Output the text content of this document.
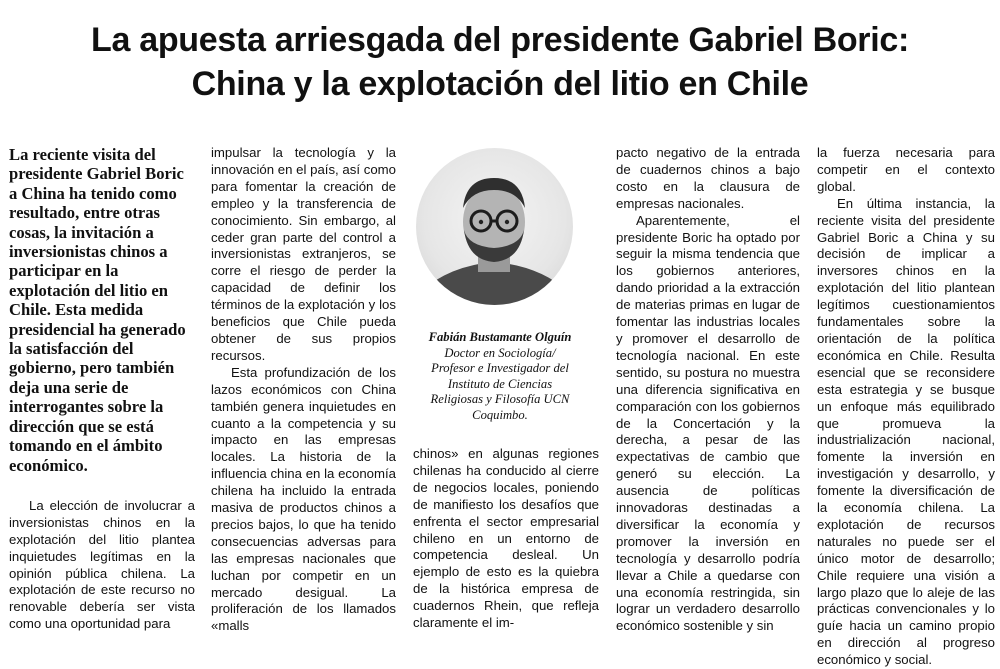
La apuesta arriesgada del presidente Gabriel Boric:
China y la explotación del litio en Chile

La reciente visita del presidente Gabriel Boric a China ha tenido como resultado, entre otras cosas, la invitación a inversionistas chinos a participar en la explotación del litio en Chile. Esta medida presidencial ha generado la satisfacción del gobierno, pero también deja una serie de interrogantes sobre la dirección que se está tomando en el ámbito económico.

La elección de involucrar a inversionistas chinos en la explotación del litio plantea inquietudes legítimas en la opinión pública chilena. La explotación de este recurso no renovable debería ser vista como una oportunidad para

impulsar la tecnología y la innovación en el país, así como para fomentar la creación de empleo y la transferencia de conocimiento. Sin embargo, al ceder gran parte del control a inversionistas extranjeros, se corre el riesgo de perder la capacidad de definir los términos de la explotación y los beneficios que Chile pueda obtener de sus propios recursos.

Esta profundización de los lazos económicos con China también genera inquietudes en cuanto a la competencia y su impacto en las empresas locales. La historia de la influencia china en la economía chilena ha incluido la entrada masiva de productos chinos a precios bajos, lo que ha tenido consecuencias adversas para las empresas nacionales que luchan por competir en un mercado desigual. La proliferación de los llamados «malls

Fabián Bustamante Olguín
Doctor en Sociología/
Profesor e Investigador del
Instituto de Ciencias
Religiosas y Filosofía UCN
Coquimbo.

chinos» en algunas regiones chilenas ha conducido al cierre de negocios locales, poniendo de manifiesto los desafíos que enfrenta el sector empresarial chileno en un entorno de competencia desleal. Un ejemplo de esto es la quiebra de la histórica empresa de cuadernos Rhein, que refleja claramente el im-

pacto negativo de la entrada de cuadernos chinos a bajo costo en la clausura de empresas nacionales.

Aparentemente, el presidente Boric ha optado por seguir la misma tendencia que los gobiernos anteriores, dando prioridad a la extracción de materias primas en lugar de fomentar las industrias locales y promover el desarrollo de tecnología nacional. En este sentido, su postura no muestra una diferencia significativa en comparación con los gobiernos de la Concertación y la derecha, a pesar de las expectativas de cambio que generó su elección. La ausencia de políticas innovadoras destinadas a diversificar la economía y promover la inversión en tecnología y desarrollo podría llevar a Chile a quedarse con una economía restringida, sin lograr un verdadero desarrollo económico sostenible y sin

la fuerza necesaria para competir en el contexto global.

En última instancia, la reciente visita del presidente Gabriel Boric a China y su decisión de implicar a inversores chinos en la explotación del litio plantean legítimos cuestionamientos fundamentales sobre la orientación de la política económica en Chile. Resulta esencial que se reconsidere esta estrategia y se busque un enfoque más equilibrado que promueva la industrialización nacional, fomente la inversión en investigación y desarrollo, y fomente la diversificación de la economía chilena. La explotación de recursos naturales no puede ser el único motor de desarrollo; Chile requiere una visión a largo plazo que lo aleje de las prácticas convencionales y lo guíe hacia un camino propio en dirección al progreso económico y social.
